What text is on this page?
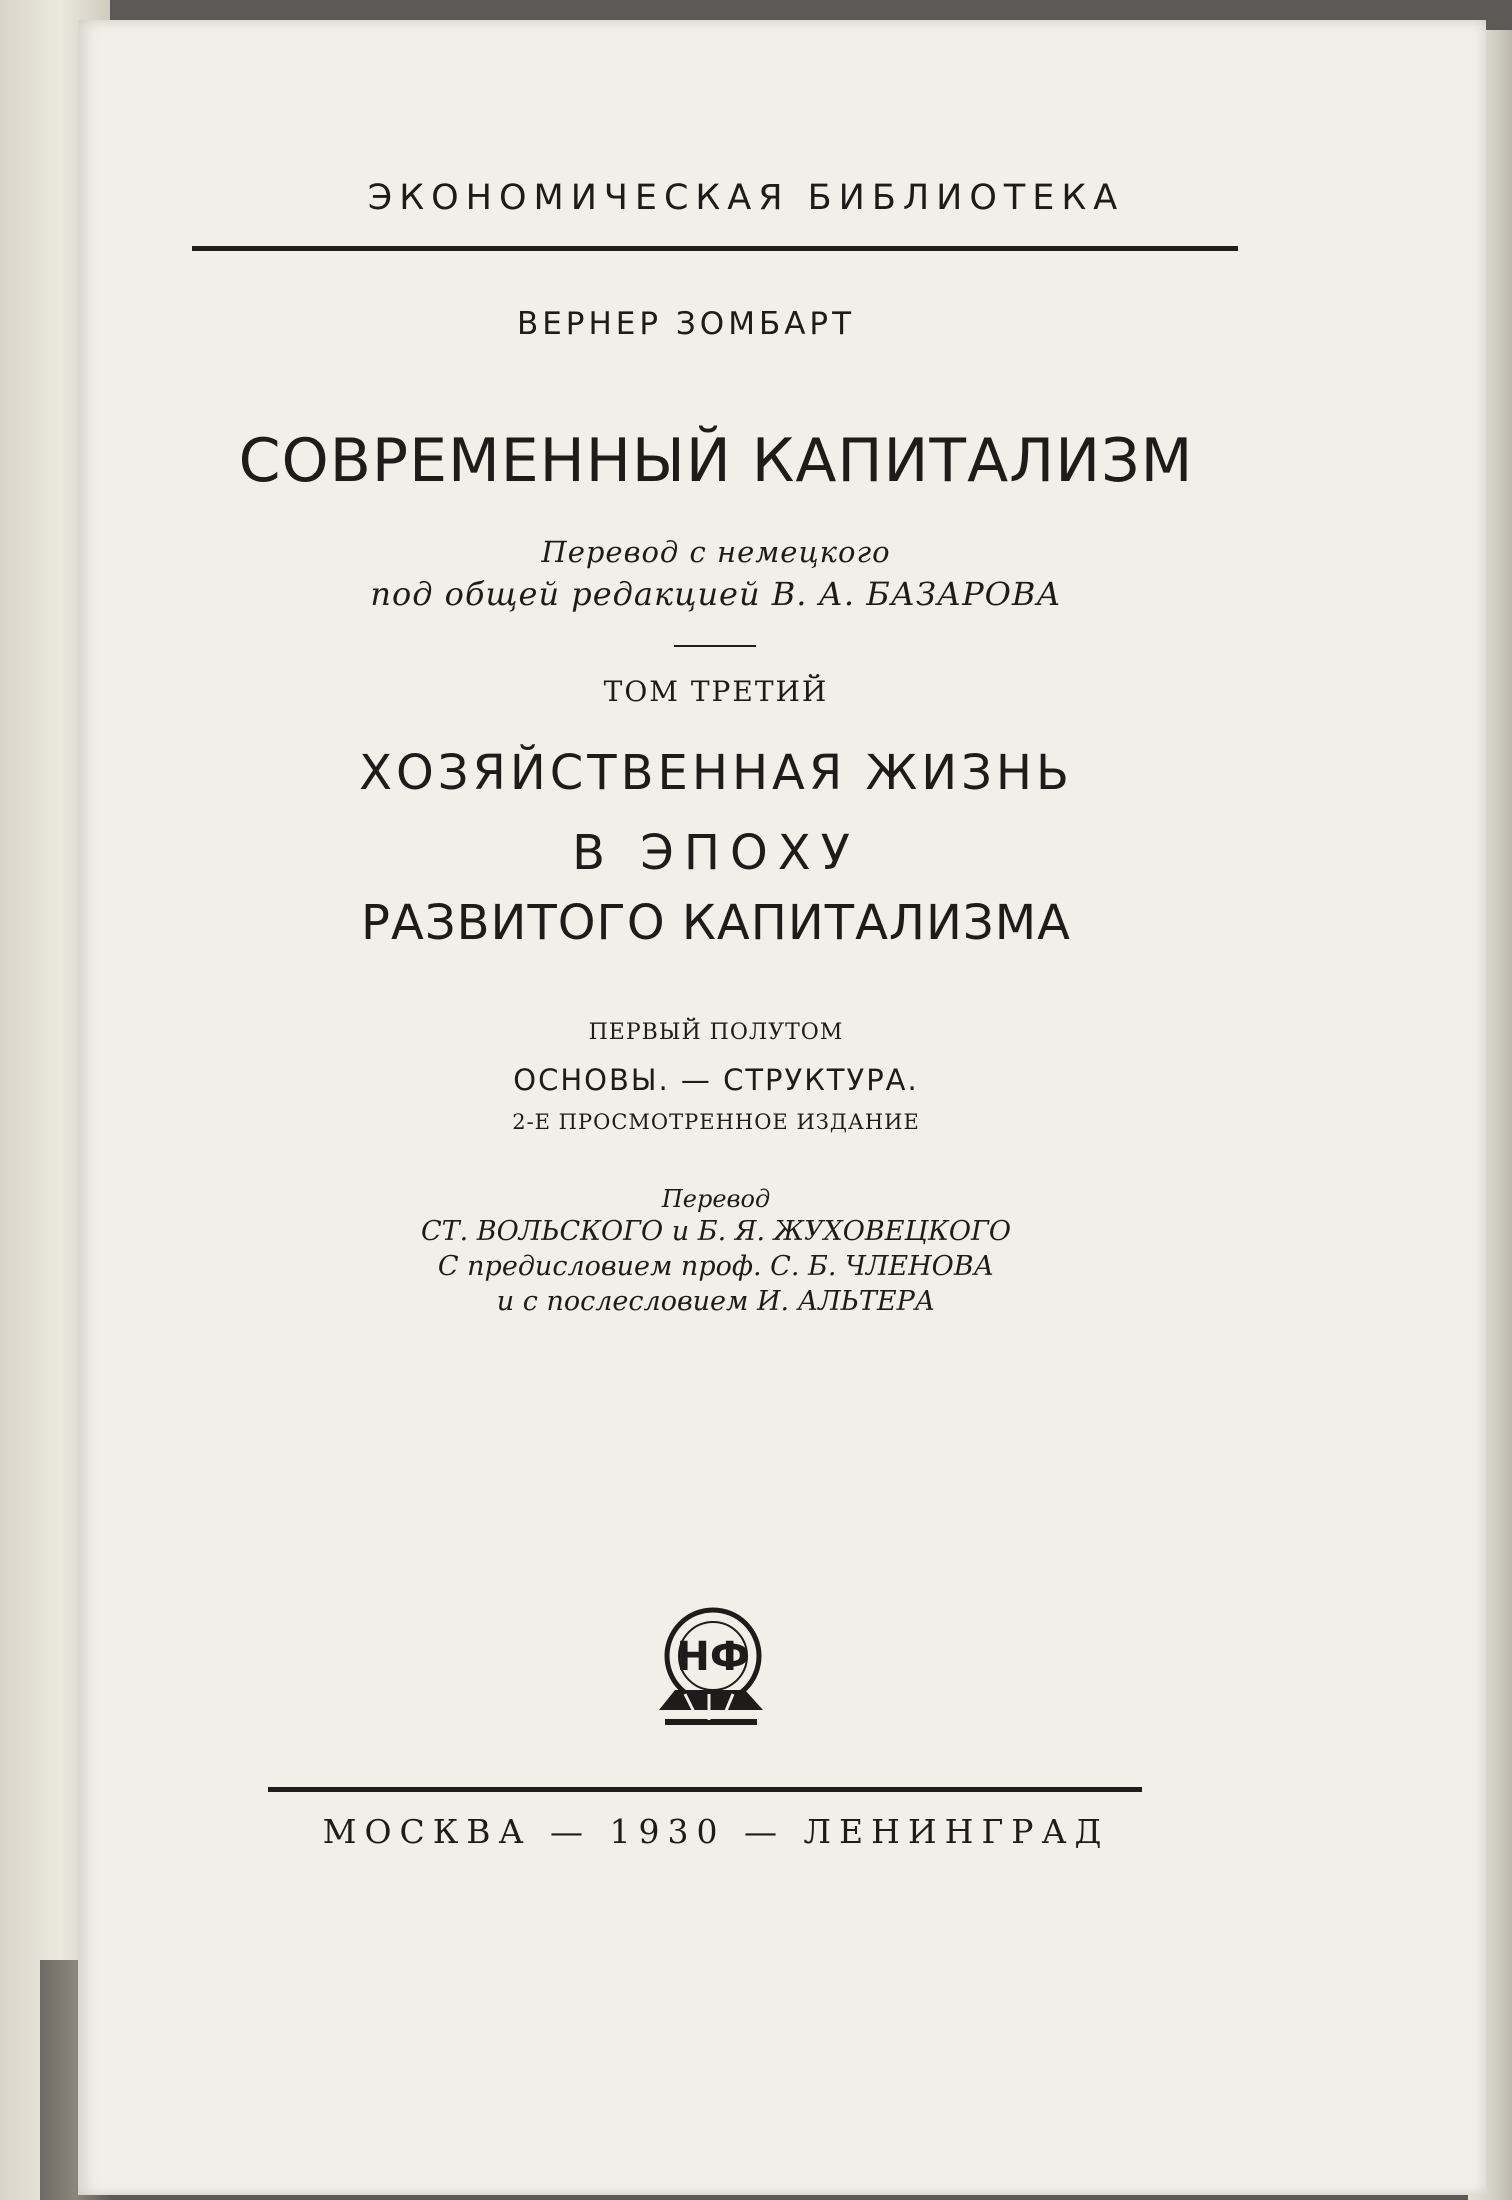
ЭКОНОМИЧЕСКАЯ БИБЛИОТЕКА
ВЕРНЕР ЗОМБАРТ
СОВРЕМЕННЫЙ КАПИТАЛИЗМ
Перевод с немецкого
под общей редакцией В. А. БАЗАРОВА
ТОМ ТРЕТИЙ
ХОЗЯЙСТВЕННАЯ ЖИЗНЬ
В ЭПОХУ
РАЗВИТОГО КАПИТАЛИЗМА
ПЕРВЫЙ ПОЛУТОМ
ОСНОВЫ. — СТРУКТУРА.
2-Е ПРОСМОТРЕННОЕ ИЗДАНИЕ
Перевод
СТ. ВОЛЬСКОГО и Б. Я. ЖУХОВЕЦКОГО
С предисловием проф. С. Б. ЧЛЕНОВА
и с послесловием И. АЛЬТЕРА
НФ
МОСКВА — 1930 — ЛЕНИНГРАД
